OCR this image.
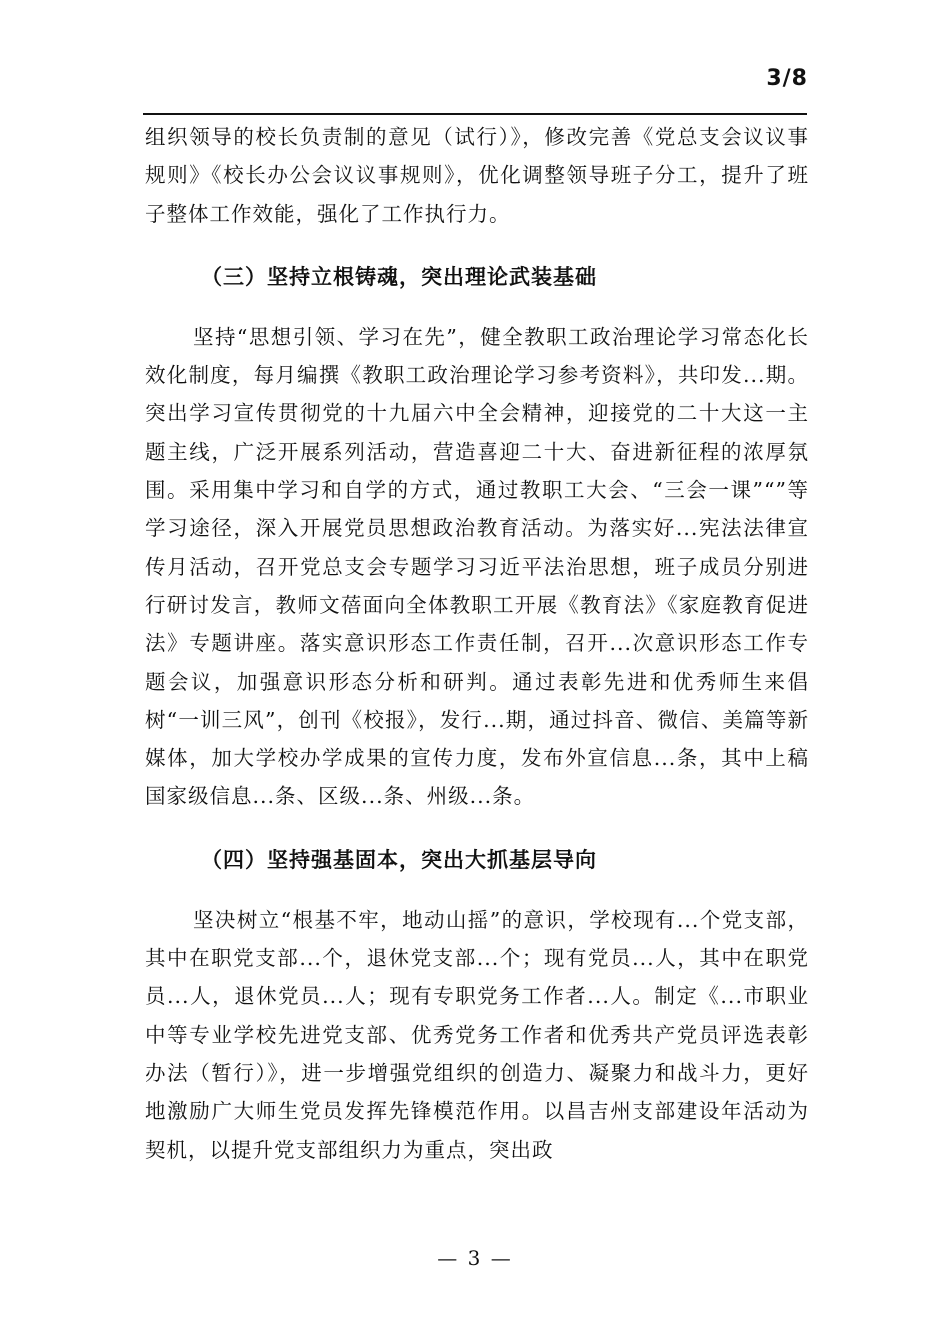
3/8

组织领导的校长负责制的意见（试行）》，修改完善《党总支会议议事规则》《校长办公会议议事规则》，优化调整领导班子分工，提升了班子整体工作效能，强化了工作执行力。

（三）坚持立根铸魂，突出理论武装基础

坚持“思想引领、学习在先”，健全教职工政治理论学习常态化长效化制度，每月编撰《教职工政治理论学习参考资料》，共印发...期。突出学习宣传贯彻党的十九届六中全会精神，迎接党的二十大这一主题主线，广泛开展系列活动，营造喜迎二十大、奋进新征程的浓厚氛围。采用集中学习和自学的方式，通过教职工大会、“三会一课”“”等学习途径，深入开展党员思想政治教育活动。为落实好...宪法法律宣传月活动，召开党总支会专题学习习近平法治思想，班子成员分别进行研讨发言，教师文蓓面向全体教职工开展《教育法》《家庭教育促进法》专题讲座。落实意识形态工作责任制，召开...次意识形态工作专题会议，加强意识形态分析和研判。通过表彰先进和优秀师生来倡树“一训三风”，创刊《校报》，发行...期，通过抖音、微信、美篇等新媒体，加大学校办学成果的宣传力度，发布外宣信息...条，其中上稿国家级信息...条、区级...条、州级...条。

（四）坚持强基固本，突出大抓基层导向

坚决树立“根基不牢，地动山摇”的意识，学校现有...个党支部，其中在职党支部...个，退休党支部...个；现有党员...人，其中在职党员...人，退休党员...人；现有专职党务工作者...人。制定《...市职业中等专业学校先进党支部、优秀党务工作者和优秀共产党员评选表彰办法（暂行）》，进一步增强党组织的创造力、凝聚力和战斗力，更好地激励广大师生党员发挥先锋模范作用。以昌吉州支部建设年活动为契机，以提升党支部组织力为重点，突出政

— 3 —
